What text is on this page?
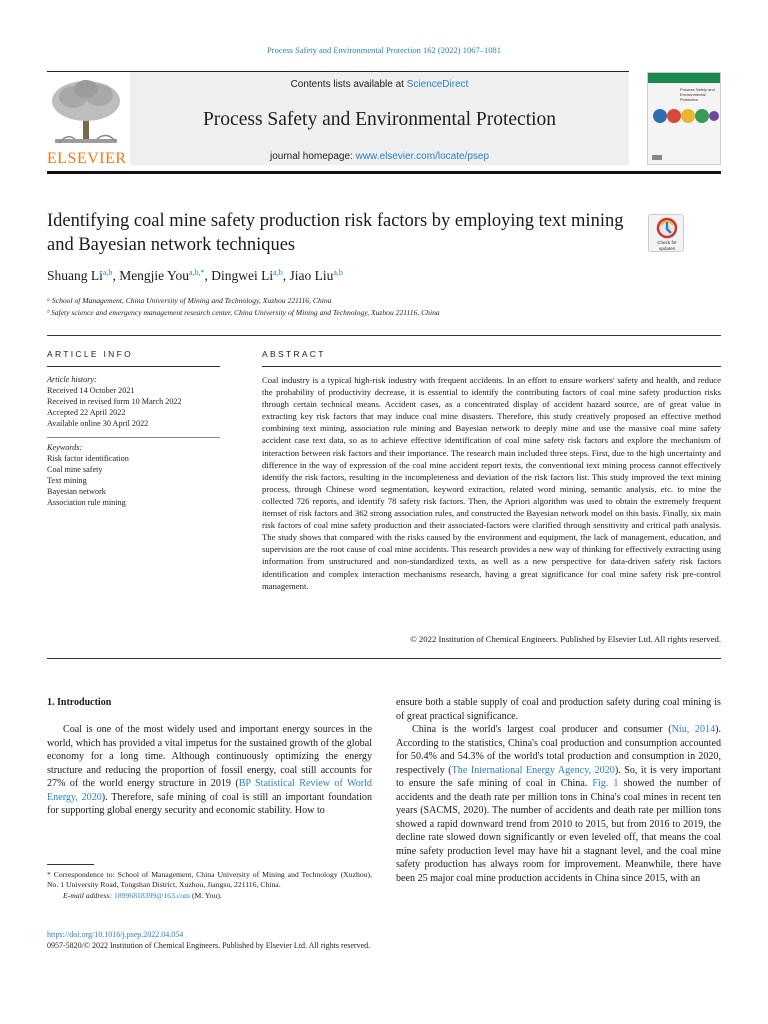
Process Safety and Environmental Protection 162 (2022) 1067–1081
ELSEVIER
Contents lists available at ScienceDirect
Process Safety and Environmental Protection
journal homepage: www.elsevier.com/locate/psep
Process Safety and Environmental Protection
Identifying coal mine safety production risk factors by employing text mining and Bayesian network techniques	Check for updates
Shuang Li$^{a,b}$, Mengjie You$^{a,b,*}$, Dingwei Li$^{a,b}$, Jiao Liu$^{a,b}$
ᵃ School of Management, China University of Mining and Technology, Xuzhou 221116, China
ᵇ Safety science and emergency management research center, China University of Mining and Technology, Xuzhou 221116, China
ARTICLE INFO	ABSTRACT
Article history:
Received 14 October 2021
Received in revised form 10 March 2022
Accepted 22 April 2022
Available online 30 April 2022
Keywords:
Risk factor identification
Coal mine safety
Text mining
Bayesian network
Association rule mining
Coal industry is a typical high-risk industry with frequent accidents. In an effort to ensure workers' safety and health, and reduce the probability of productivity decrease, it is essential to identify the contributing factors of coal mine safety production risks through certain technical means. Accident cases, as a concentrated display of accident hazard source, are of great value in extracting key risk factors that may induce coal mine disasters. Therefore, this study creatively proposed an effective method combining text mining, association rule mining and Bayesian network to deeply mine and use the massive coal mine safety accident case text data, so as to achieve effective identification of coal mine safety risk factors and explore the mechanism of interaction between risk factors and their importance. The research main included three steps. First, due to the high uncertainty and difference in the way of expression of the coal mine accident report texts, the conventional text mining process cannot effectively identify the risk factors, resulting in the incompleteness and deviation of the risk factors list. This study improved the text mining process, through Chinese word segmentation, keyword extraction, related word mining, semantic analysis, etc. to mine the collected 726 reports, and identify 78 safety risk factors. Then, the Apriori algorithm was used to obtain the extremely frequent itemset of risk factors and 362 strong association rules, and constructed the Bayesian network model on this basis. Finally, six main risk factors of coal mine safety production and their associated-factors were clarified through sensitivity and critical path analysis. The study shows that compared with the risks caused by the environment and equipment, the lack of management, education, and supervision are the root cause of coal mine accidents. This research provides a new way of thinking for effectively extracting using information from unstructured and non-standardized texts, as well as a new perspective for data-driven safety risk factors identification and complex interaction mechanisms research, having a great significance for coal mine safety risk pre-control management.
© 2022 Institution of Chemical Engineers. Published by Elsevier Ltd. All rights reserved.
1. Introduction

Coal is one of the most widely used and important energy sources in the world, which has provided a vital impetus for the sustained growth of the global economy for a long time. Although continuously optimizing the energy structure and reducing the proportion of fossil energy, coal still accounts for 27% of the world energy structure in 2019 (BP Statistical Review of World Energy, 2020). Therefore, safe mining of coal is still an important foundation for supporting global energy security and economic stability. How to

* Correspondence to: School of Management, China University of Mining and Technology (Xuzhou), No. 1 University Road, Tongshan District, Xuzhou, Jiangsu, 221116, China.
E-mail address: 18996818399@163.com (M. You).

ensure both a stable supply of coal and production safety during coal mining is of great practical significance.

China is the world's largest coal producer and consumer (Niu, 2014). According to the statistics, China's coal production and consumption accounted for 50.4% and 54.3% of the world's total production and consumption in 2020, respectively (The International Energy Agency, 2020). So, it is very important to ensure the safe mining of coal in China. Fig. 1 showed the number of accidents and the death rate per million tons in China's coal mines in recent ten years (SACMS, 2020). The number of accidents and death rate per million tons showed a rapid downward trend from 2010 to 2015, but from 2016 to 2019, the decline rate slowed down significantly or even leveled off, that means the coal mine safety production level may have hit a stagnant level, and the coal mine safety production has always room for improvement. Meanwhile, there have been 25 major coal mine production accidents in China since 2015, with an

https://doi.org/10.1016/j.psep.2022.04.054
0957-5820/© 2022 Institution of Chemical Engineers. Published by Elsevier Ltd. All rights reserved.
